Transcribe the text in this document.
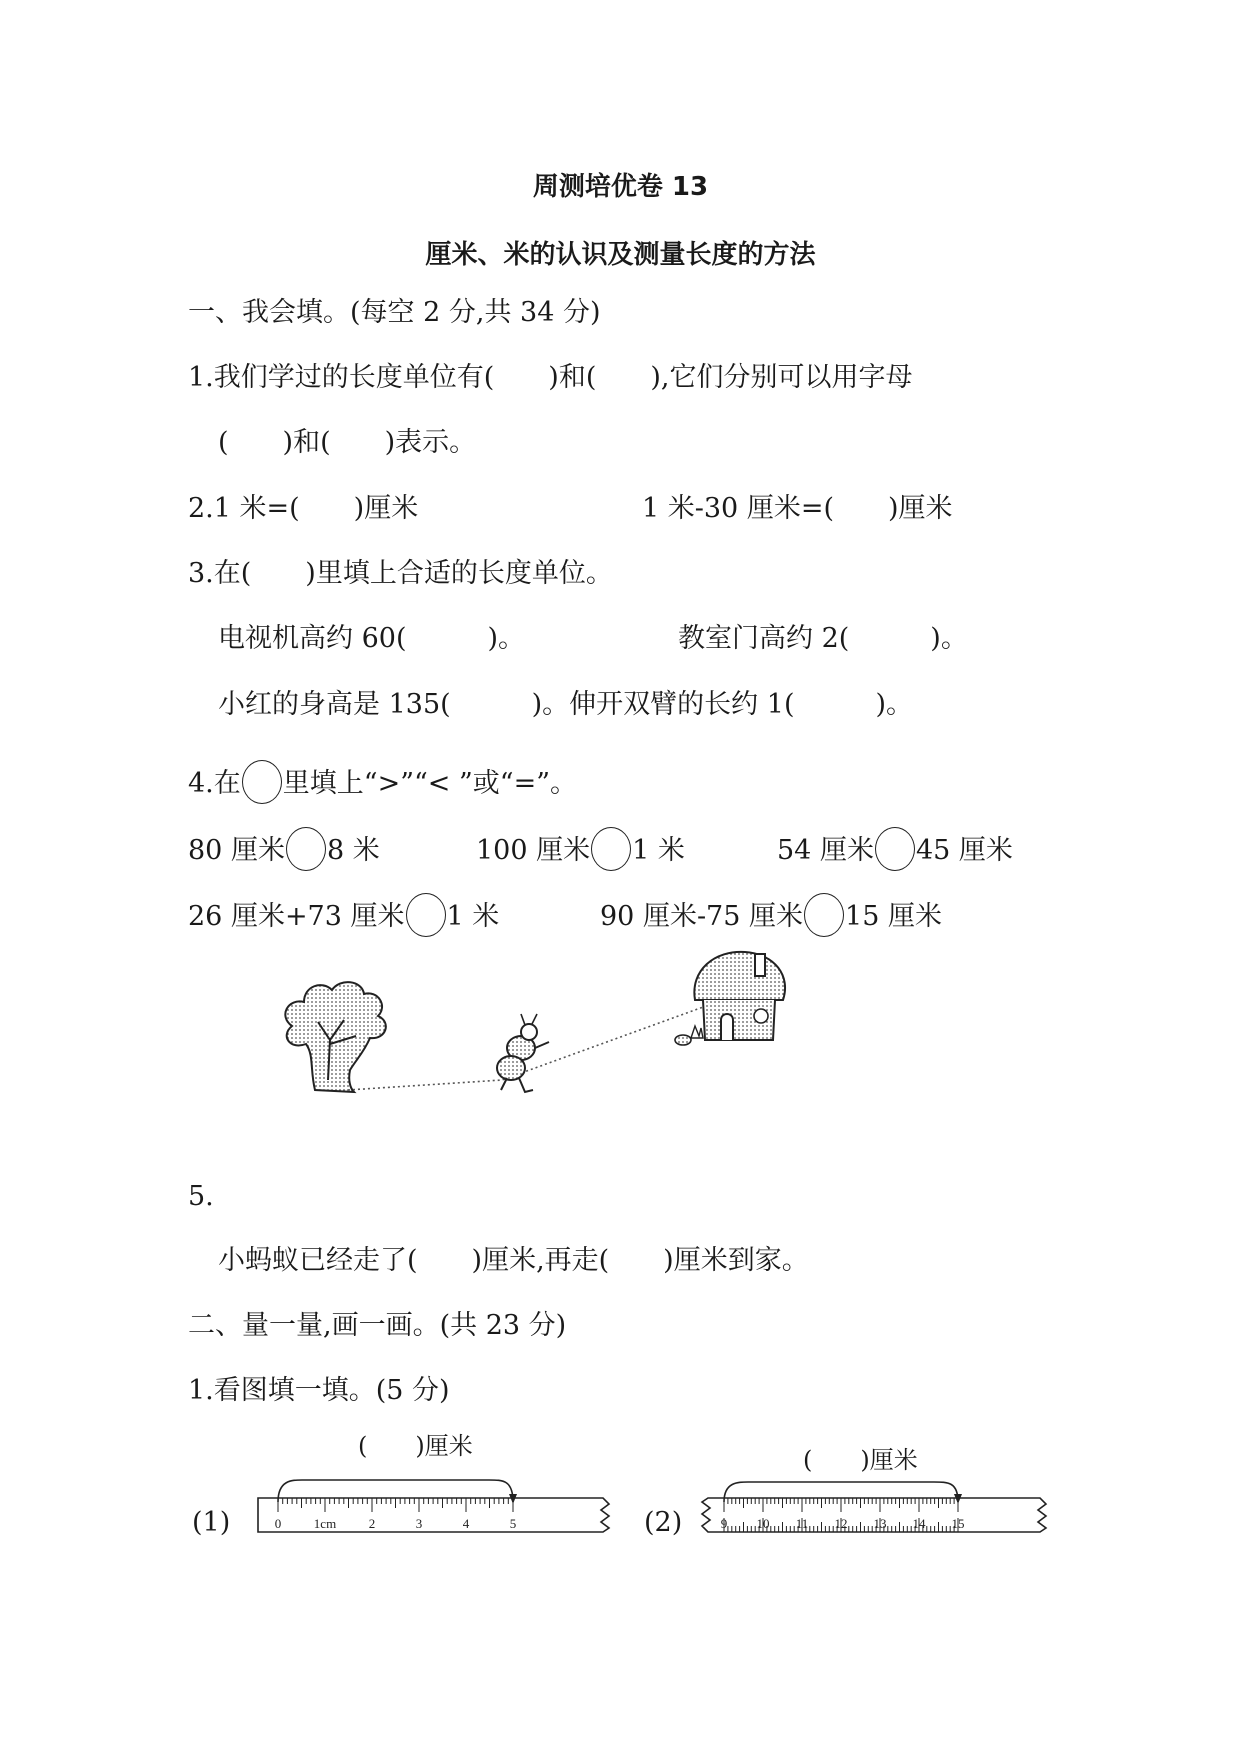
周测培优卷 13
厘米、米的认识及测量长度的方法
一、我会填。(每空 2 分,共 34 分)
1.我们学过的长度单位有(　　)和(　　),它们分别可以用字母
(　　)和(　　)表示。
2.1 米=(　　)厘米	1 米-30 厘米=(　　)厘米
3.在(　　)里填上合适的长度单位。
电视机高约 60(　　　)。	教室门高约 2(　　　)。
小红的身高是 135(　　　)。伸开双臂的长约 1(　　　)。
4.在 里填上“>”“< ”或“=”。
80 厘米 8 米	100 厘米 1 米	54 厘米 45 厘米
26 厘米+73 厘米 1 米	90 厘米-75 厘米 15 厘米
5.
小蚂蚁已经走了(　　)厘米,再走(　　)厘米到家。
二、量一量,画一画。(共 23 分)
1.看图填一填。(5 分)
(1)
(　　)厘米
0	1cm	2	3	4	5	(2)
(　　)厘米
9 10 11 12 13 14 15
